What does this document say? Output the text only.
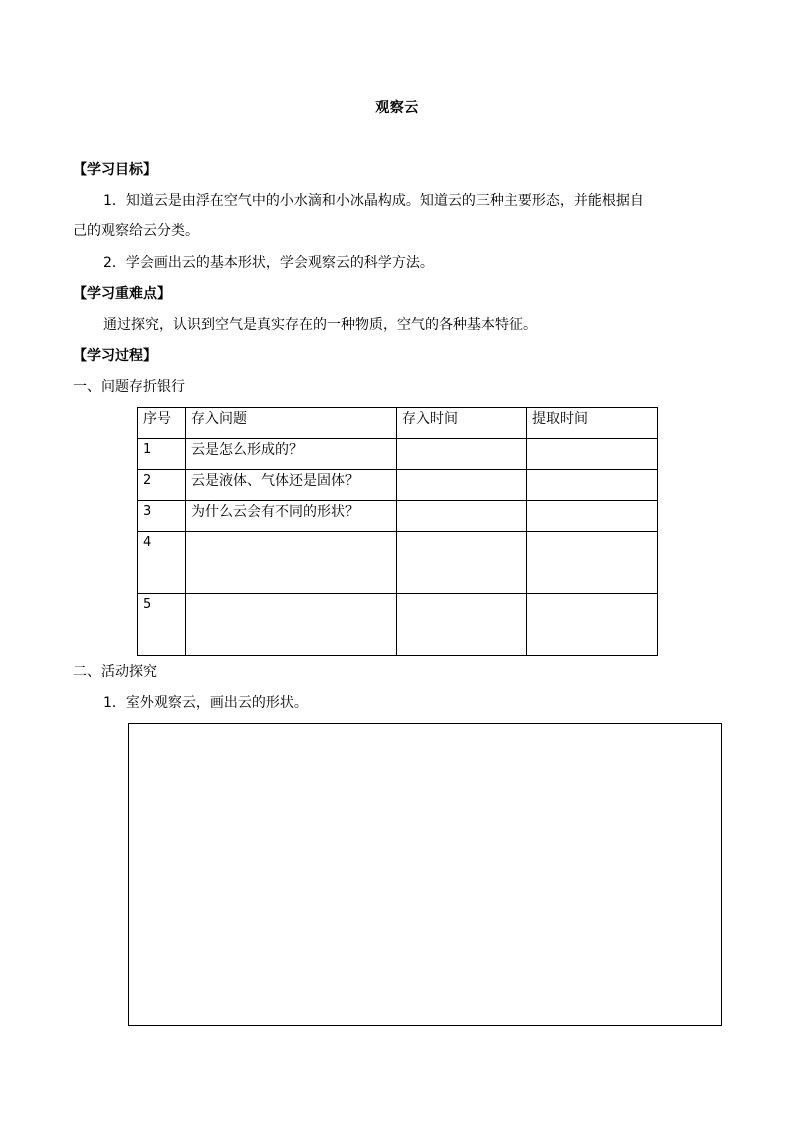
观察云
【学习目标】
1．知道云是由浮在空气中的小水滴和小冰晶构成。知道云的三种主要形态，并能根据自
己的观察给云分类。
2．学会画出云的基本形状，学会观察云的科学方法。
【学习重难点】
通过探究，认识到空气是真实存在的一种物质，空气的各种基本特征。
【学习过程】
一、问题存折银行
序号	存入问题	存入时间	提取时间
1	云是怎么形成的？		
2	云是液体、气体还是固体？		
3	为什么云会有不同的形状？		
4			
5			
二、活动探究
1．室外观察云，画出云的形状。
